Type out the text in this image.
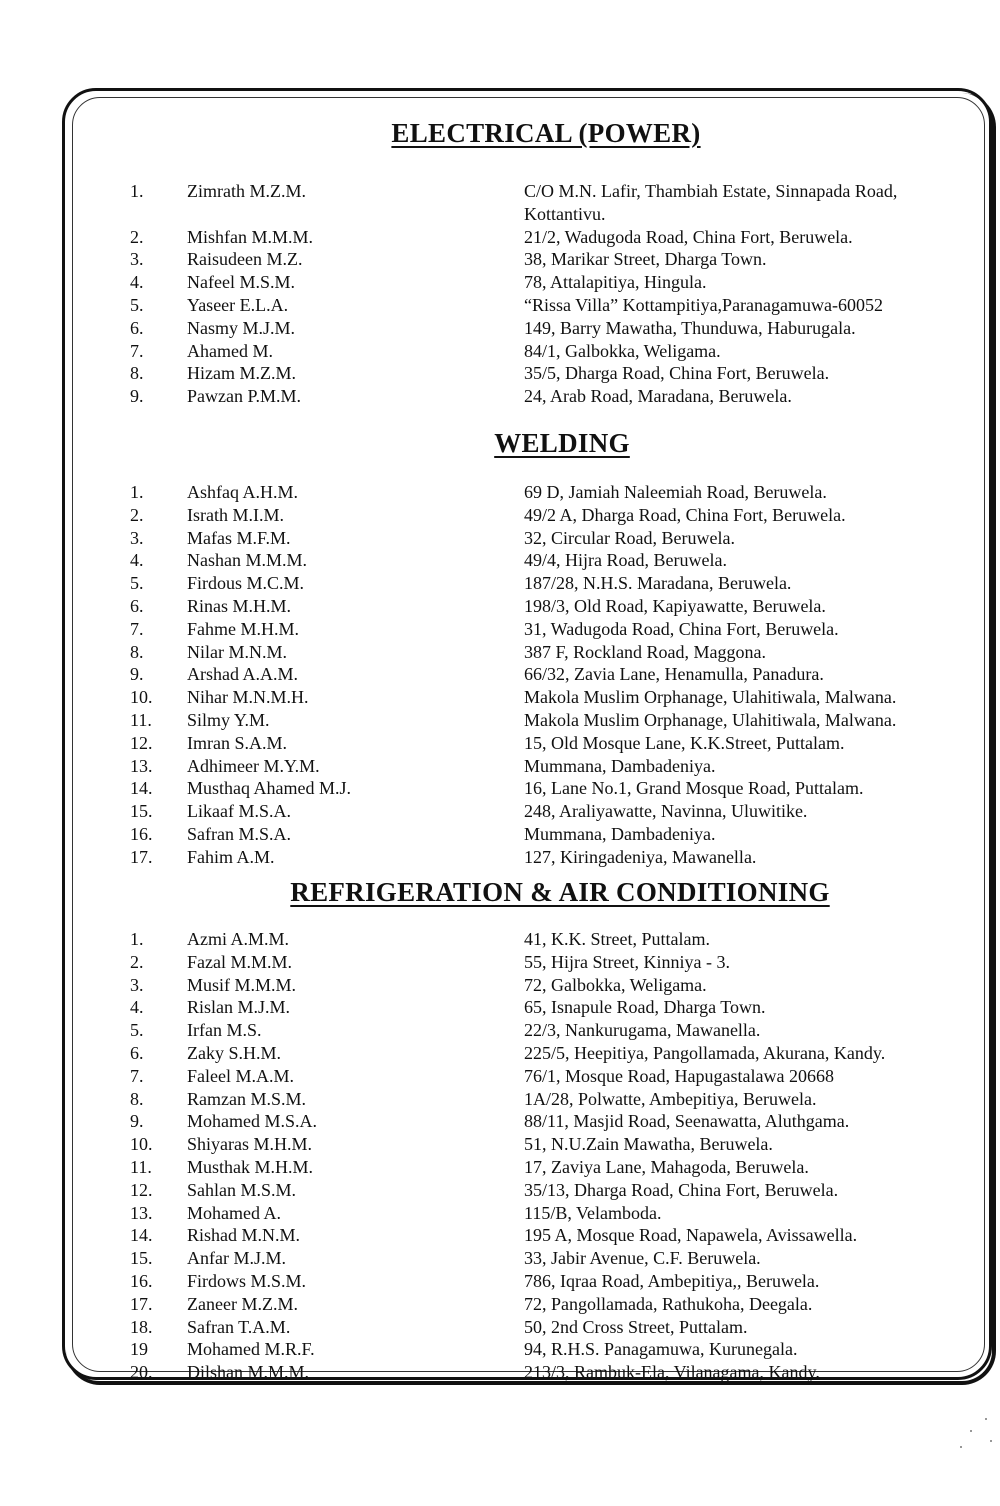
ELECTRICAL (POWER)
1.	Zimrath M.Z.M.	C/O M.N. Lafir, Thambiah Estate, Sinnapada Road, Kottantivu.
2.	Mishfan M.M.M.	21/2, Wadugoda Road, China Fort, Beruwela.
3.	Raisudeen M.Z.	38, Marikar Street, Dharga Town.
4.	Nafeel M.S.M.	78, Attalapitiya, Hingula.
5.	Yaseer E.L.A.	“Rissa Villa” Kottampitiya,Paranagamuwa-60052
6.	Nasmy M.J.M.	149, Barry Mawatha, Thunduwa, Haburugala.
7.	Ahamed M.	84/1, Galbokka, Weligama.
8.	Hizam M.Z.M.	35/5, Dharga Road, China Fort, Beruwela.
9.	Pawzan P.M.M.	24, Arab Road, Maradana, Beruwela.
WELDING
1.	Ashfaq A.H.M.	69 D, Jamiah Naleemiah Road, Beruwela.
2.	Israth M.I.M.	49/2 A, Dharga Road, China Fort, Beruwela.
3.	Mafas M.F.M.	32, Circular Road, Beruwela.
4.	Nashan M.M.M.	49/4, Hijra Road, Beruwela.
5.	Firdous M.C.M.	187/28, N.H.S. Maradana, Beruwela.
6.	Rinas M.H.M.	198/3, Old Road, Kapiyawatte, Beruwela.
7.	Fahme M.H.M.	31, Wadugoda Road, China Fort, Beruwela.
8.	Nilar M.N.M.	387 F, Rockland Road, Maggona.
9.	Arshad A.A.M.	66/32, Zavia Lane, Henamulla, Panadura.
10.	Nihar M.N.M.H.	Makola Muslim Orphanage, Ulahitiwala, Malwana.
11.	Silmy Y.M.	Makola Muslim Orphanage, Ulahitiwala, Malwana.
12.	Imran S.A.M.	15, Old Mosque Lane, K.K.Street, Puttalam.
13.	Adhimeer M.Y.M.	Mummana, Dambadeniya.
14.	Musthaq Ahamed M.J.	16, Lane No.1, Grand Mosque Road, Puttalam.
15.	Likaaf M.S.A.	248, Araliyawatte, Navinna, Uluwitike.
16.	Safran M.S.A.	Mummana, Dambadeniya.
17.	Fahim A.M.	127, Kiringadeniya, Mawanella.
REFRIGERATION & AIR CONDITIONING
1.	Azmi A.M.M.	41, K.K. Street, Puttalam.
2.	Fazal M.M.M.	55, Hijra Street, Kinniya - 3.
3.	Musif M.M.M.	72, Galbokka, Weligama.
4.	Rislan M.J.M.	65, Isnapule Road, Dharga Town.
5.	Irfan M.S.	22/3, Nankurugama, Mawanella.
6.	Zaky S.H.M.	225/5, Heepitiya, Pangollamada, Akurana, Kandy.
7.	Faleel M.A.M.	76/1, Mosque Road, Hapugastalawa 20668
8.	Ramzan M.S.M.	1A/28, Polwatte, Ambepitiya, Beruwela.
9.	Mohamed M.S.A.	88/11, Masjid Road, Seenawatta, Aluthgama.
10.	Shiyaras M.H.M.	51, N.U.Zain Mawatha, Beruwela.
11.	Musthak M.H.M.	17, Zaviya Lane, Mahagoda, Beruwela.
12.	Sahlan M.S.M.	35/13, Dharga Road, China Fort, Beruwela.
13.	Mohamed A.	115/B, Velamboda.
14.	Rishad M.N.M.	195 A, Mosque Road, Napawela, Avissawella.
15.	Anfar M.J.M.	33, Jabir Avenue, C.F. Beruwela.
16.	Firdows M.S.M.	786, Iqraa Road, Ambepitiya,, Beruwela.
17.	Zaneer M.Z.M.	72, Pangollamada, Rathukoha, Deegala.
18.	Safran T.A.M.	50, 2nd Cross Street, Puttalam.
19	Mohamed M.R.F.	94, R.H.S. Panagamuwa, Kurunegala.
20.	Dilshan M.M.M.	213/3, Rambuk-Ela, Vilanagama, Kandy.
